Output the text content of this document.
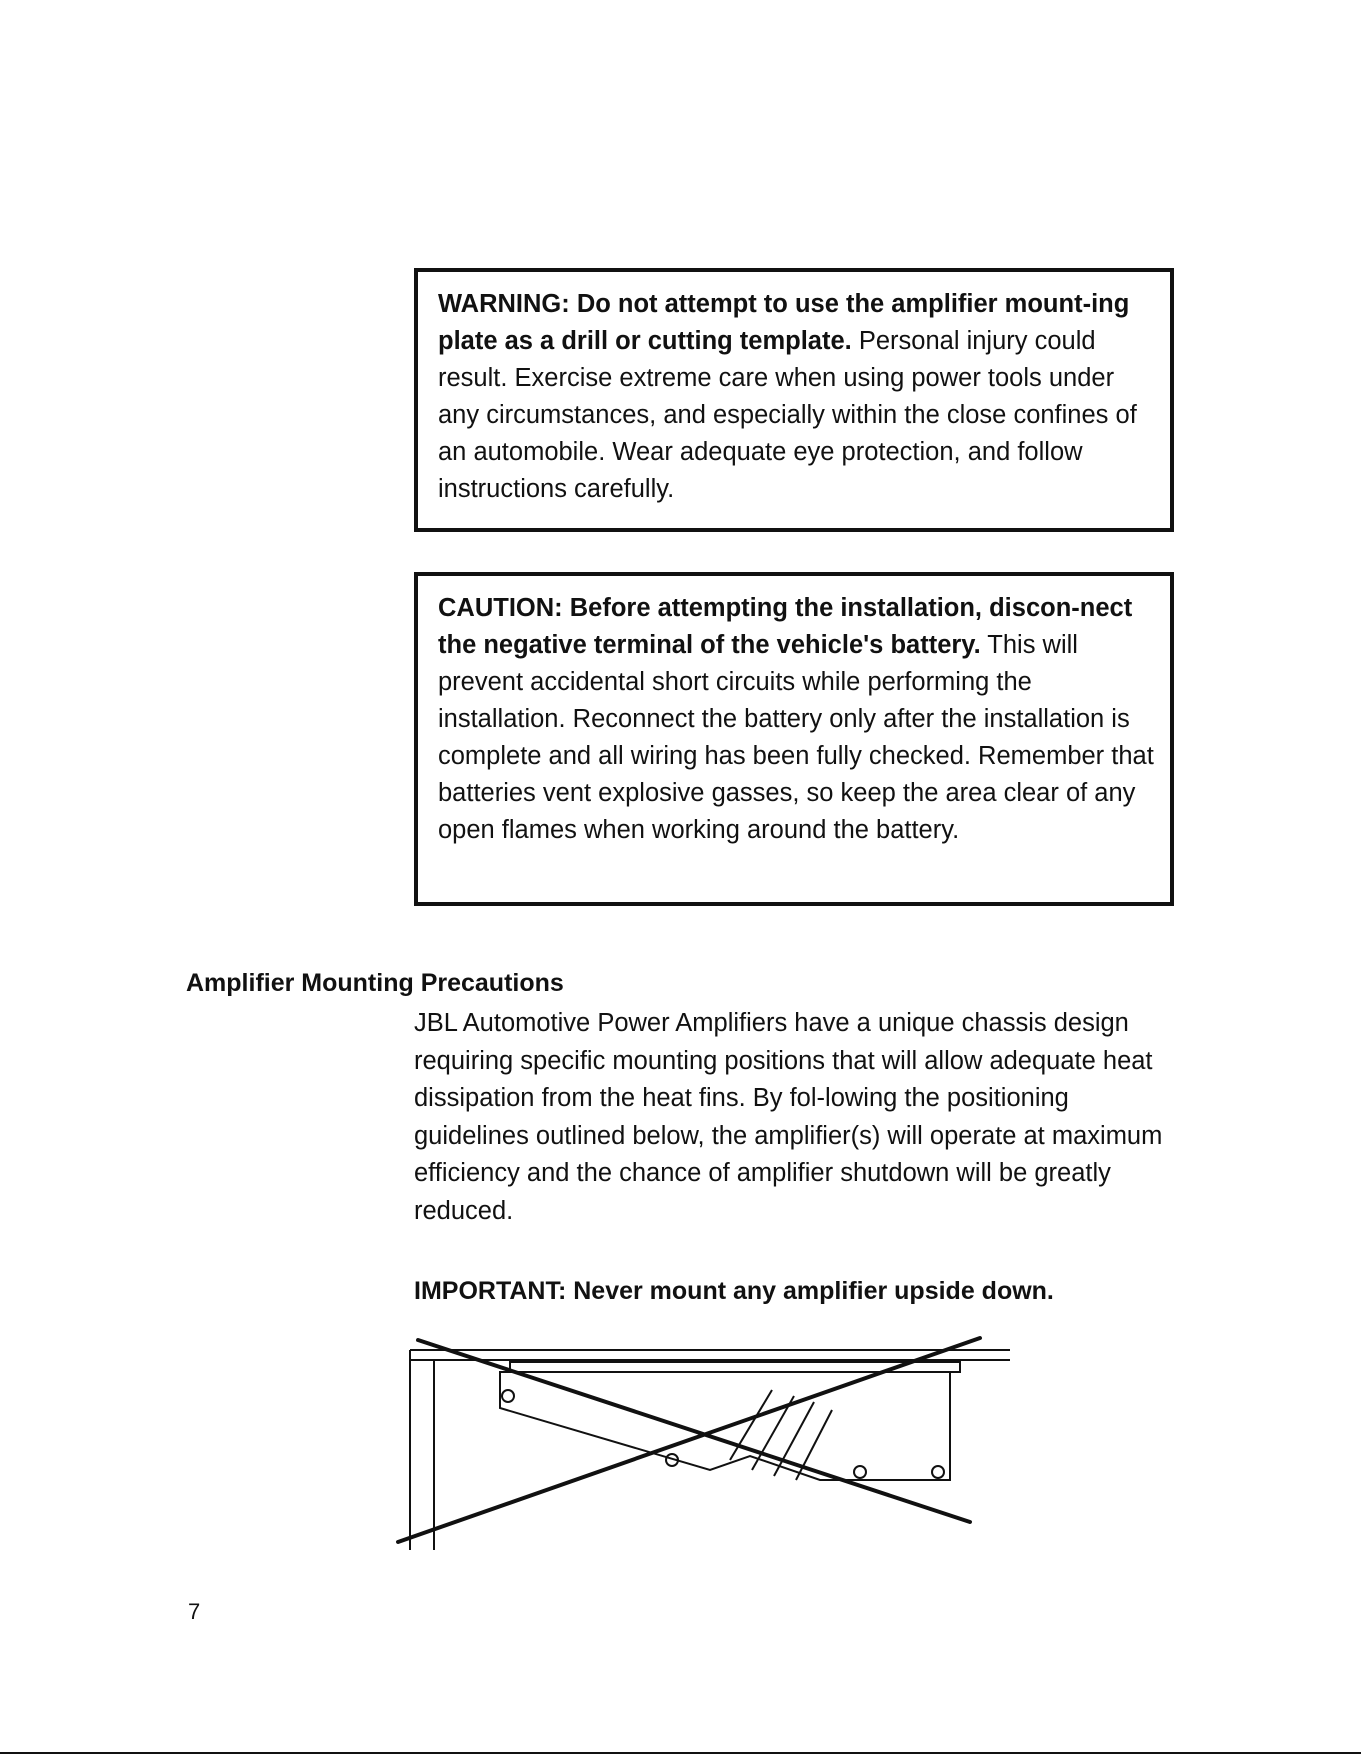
WARNING: Do not attempt to use the amplifier mount-ing plate as a drill or cutting template. Personal injury could result. Exercise extreme care when using power tools under any circumstances, and especially within the close confines of an automobile. Wear adequate eye protection, and follow instructions carefully.
CAUTION: Before attempting the installation, discon-nect the negative terminal of the vehicle's battery. This will prevent accidental short circuits while performing the installation. Reconnect the battery only after the installation is complete and all wiring has been fully checked. Remember that batteries vent explosive gasses, so keep the area clear of any open flames when working around the battery.
Amplifier Mounting Precautions
JBL Automotive Power Amplifiers have a unique chassis design requiring specific mounting positions that will allow adequate heat dissipation from the heat fins. By fol-lowing the positioning guidelines outlined below, the amplifier(s) will operate at maximum efficiency and the chance of amplifier shutdown will be greatly reduced.
IMPORTANT: Never mount any amplifier upside down.
7
